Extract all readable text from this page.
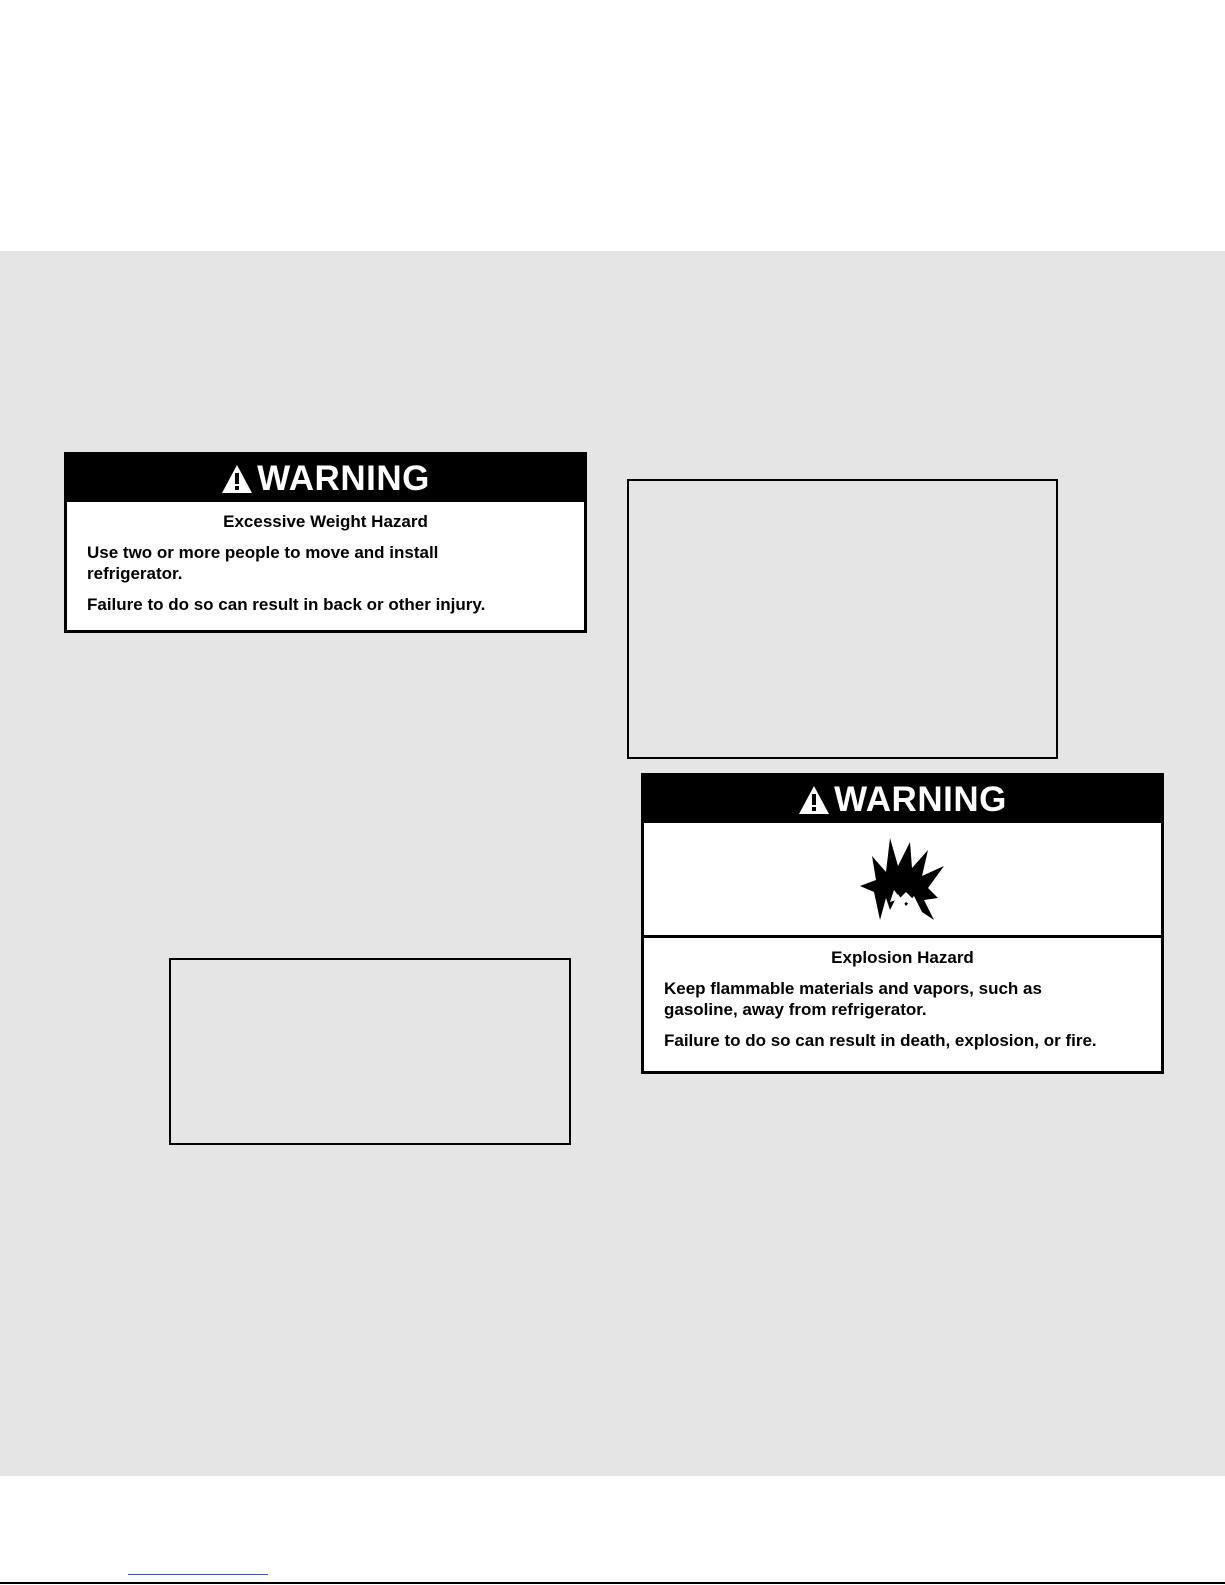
WARNING
Excessive Weight Hazard

Use two or more people to move and install refrigerator.

Failure to do so can result in back or other injury.

WARNING
Explosion Hazard

Keep flammable materials and vapors, such as gasoline, away from refrigerator.

Failure to do so can result in death, explosion, or fire.
